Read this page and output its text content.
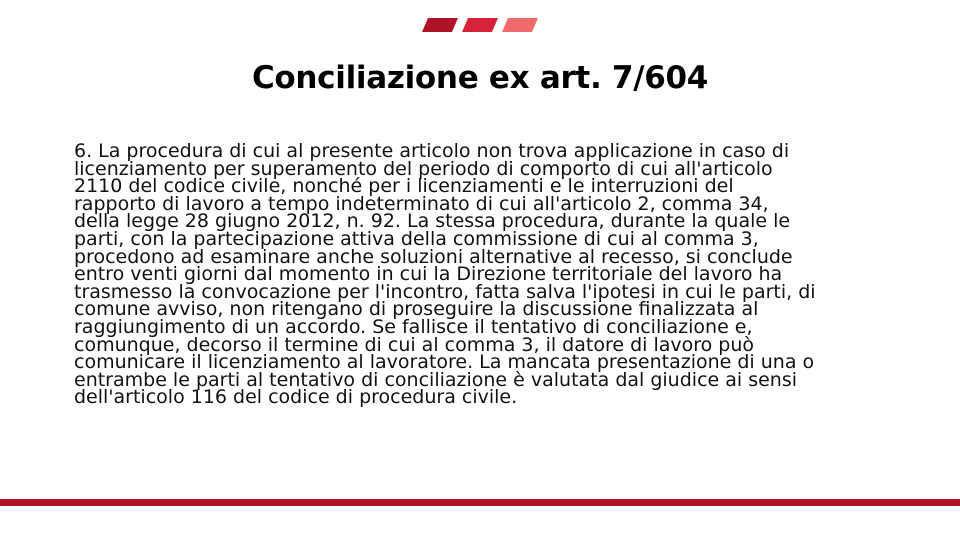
Conciliazione ex art. 7/604
6. La procedura di cui al presente articolo non trova applicazione in caso di
licenziamento per superamento del periodo di comporto di cui all'articolo
2110 del codice civile, nonché per i licenziamenti e le interruzioni del
rapporto di lavoro a tempo indeterminato di cui all'articolo 2, comma 34,
della legge 28 giugno 2012, n. 92. La stessa procedura, durante la quale le
parti, con la partecipazione attiva della commissione di cui al comma 3,
procedono ad esaminare anche soluzioni alternative al recesso, si conclude
entro venti giorni dal momento in cui la Direzione territoriale del lavoro ha
trasmesso la convocazione per l'incontro, fatta salva l'ipotesi in cui le parti, di
comune avviso, non ritengano di proseguire la discussione finalizzata al
raggiungimento di un accordo. Se fallisce il tentativo di conciliazione e,
comunque, decorso il termine di cui al comma 3, il datore di lavoro può
comunicare il licenziamento al lavoratore. La mancata presentazione di una o
entrambe le parti al tentativo di conciliazione è valutata dal giudice ai sensi
dell'articolo 116 del codice di procedura civile.
